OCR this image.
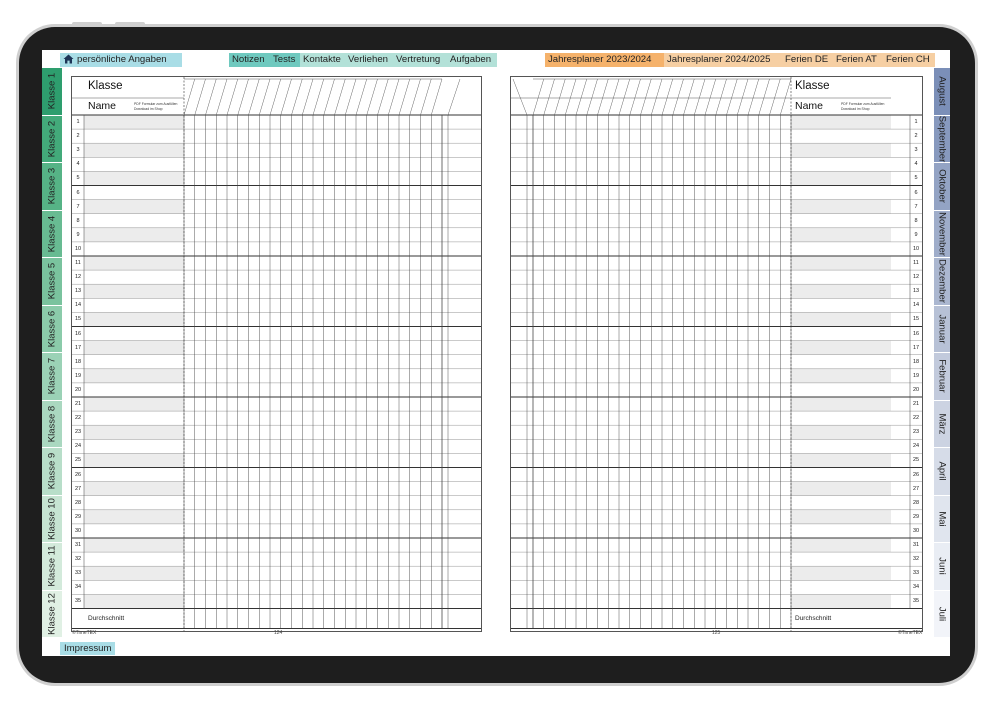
persönliche Angaben	Notizen Tests Kontakte Verliehen Vertretung	Aufgaben	Jahresplaner 2023/2024	Jahresplaner 2024/2025	Ferien DE Ferien AT Ferien CH
Klasse 1
Klasse 2
Klasse 3
Klasse 4
Klasse 5
Klasse 6
Klasse 7
Klasse 8
Klasse 9
Klasse 10
Klasse 11
Klasse 12
August
September
Oktober
November
Dezember
Januar
Februar
März
April
Mai
Juni
Juli
1
2
3
4
5
6
7
8
9
10
11
12
13
14
15
16
17
18
19
20
21
22
23
24
25
26
27
28
29
30
31
32
33
34
35
Klasse
Name	PDF Formular zum Ausfüllen
Download im Shop
Durchschnitt
1
2
3
4
5
6
7
8
9
10
11
12
13
14
15
16
17
18
19
20
21
22
23
24
25
26
27
28
29
30
31
32
33
34
35
Klasse
Name	PDF Formular zum Ausfüllen
Download im Shop
Durchschnitt
©TimeTEX	124	125	©TimeTEX
Impressum
